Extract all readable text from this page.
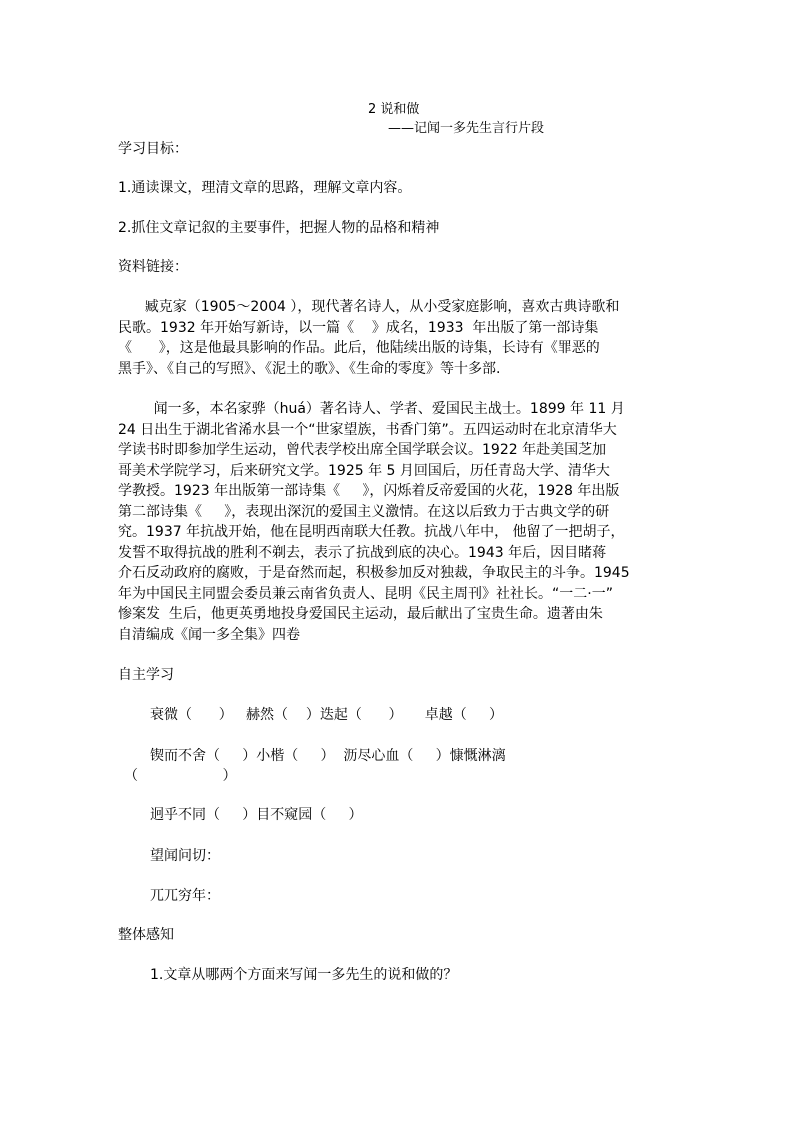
2 说和做
——记闻一多先生言行片段
学习目标：
1.通读课文，理清文章的思路，理解文章内容。
2.抓住文章记叙的主要事件，把握人物的品格和精神
资料链接：
臧克家（1905～2004 ），现代著名诗人，从小受家庭影响，喜欢古典诗歌和
民歌。1932 年开始写新诗，以一篇《    》成名，1933  年出版了第一部诗集
《      》，这是他最具影响的作品。此后，他陆续出版的诗集，长诗有《罪恶的
黑手》、《自己的写照》、《泥土的歌》、《生命的零度》等十多部.
闻一多，本名家骅（huá）著名诗人、学者、爱国民主战士。1899 年 11 月
24 日出生于湖北省浠水县一个“世家望族，书香门第”。五四运动时在北京清华大
学读书时即参加学生运动，曾代表学校出席全国学联会议。1922 年赴美国芝加
哥美术学院学习，后来研究文学。1925 年 5 月回国后，历任青岛大学、清华大
学教授。1923 年出版第一部诗集《     》，闪烁着反帝爱国的火花，1928 年出版
第二部诗集《     》，表现出深沉的爱国主义激情。在这以后致力于古典文学的研
究。1937 年抗战开始，他在昆明西南联大任教。抗战八年中， 他留了一把胡子，
发誓不取得抗战的胜利不剃去，表示了抗战到底的决心。1943 年后，因目睹蒋
介石反动政府的腐败，于是奋然而起，积极参加反对独裁，争取民主的斗争。1945
年为中国民主同盟会委员兼云南省负责人、昆明《民主周刊》社社长。“一二·一”
惨案发  生后，他更英勇地投身爱国民主运动，最后献出了宝贵生命。遗著由朱
自清编成《闻一多全集》四卷
自主学习
衰微（      ）   赫然（    ）迭起（      ）     卓越（     ）
锲而不舍（     ）小楷（     ）  沥尽心血（     ）慷慨淋漓
（                   ）
迥乎不同（     ）目不窥园（     ）
望闻问切：
兀兀穷年：
整体感知
1.文章从哪两个方面来写闻一多先生的说和做的？
